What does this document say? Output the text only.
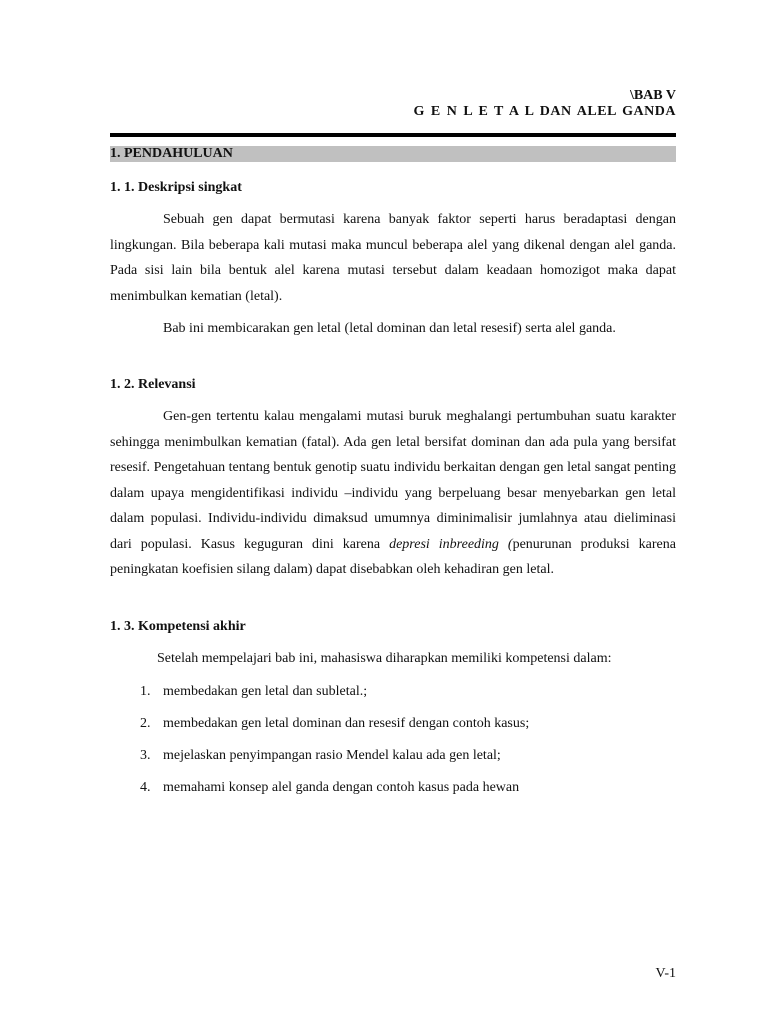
\BAB V
G E N L E T A L DAN ALEL GANDA
1. PENDAHULUAN
1. 1. Deskripsi singkat

Sebuah gen dapat bermutasi karena banyak faktor seperti harus beradaptasi dengan lingkungan. Bila beberapa kali mutasi maka muncul beberapa alel yang dikenal dengan alel ganda. Pada sisi lain bila bentuk alel karena mutasi tersebut dalam keadaan homozigot maka dapat menimbulkan kematian (letal).

Bab ini membicarakan gen letal (letal dominan dan letal resesif) serta alel ganda.

1. 2. Relevansi

Gen-gen tertentu kalau mengalami mutasi buruk meghalangi pertumbuhan suatu karakter sehingga menimbulkan kematian (fatal). Ada gen letal bersifat dominan dan ada pula yang bersifat resesif. Pengetahuan tentang bentuk genotip suatu individu berkaitan dengan gen letal sangat penting dalam upaya mengidentifikasi individu –individu yang berpeluang besar menyebarkan gen letal dalam populasi. Individu-individu dimaksud umumnya diminimalisir jumlahnya atau dieliminasi dari populasi. Kasus keguguran dini karena depresi inbreeding (penurunan produksi karena peningkatan koefisien silang dalam) dapat disebabkan oleh kehadiran gen letal.

1. 3. Kompetensi akhir
Setelah mempelajari bab ini, mahasiswa diharapkan memiliki kompetensi dalam:
1. membedakan gen letal dan subletal.;
2. membedakan gen letal dominan dan resesif dengan contoh kasus;
3. mejelaskan penyimpangan rasio Mendel kalau ada gen letal;
4. memahami konsep alel ganda dengan contoh kasus pada hewan
V-1
